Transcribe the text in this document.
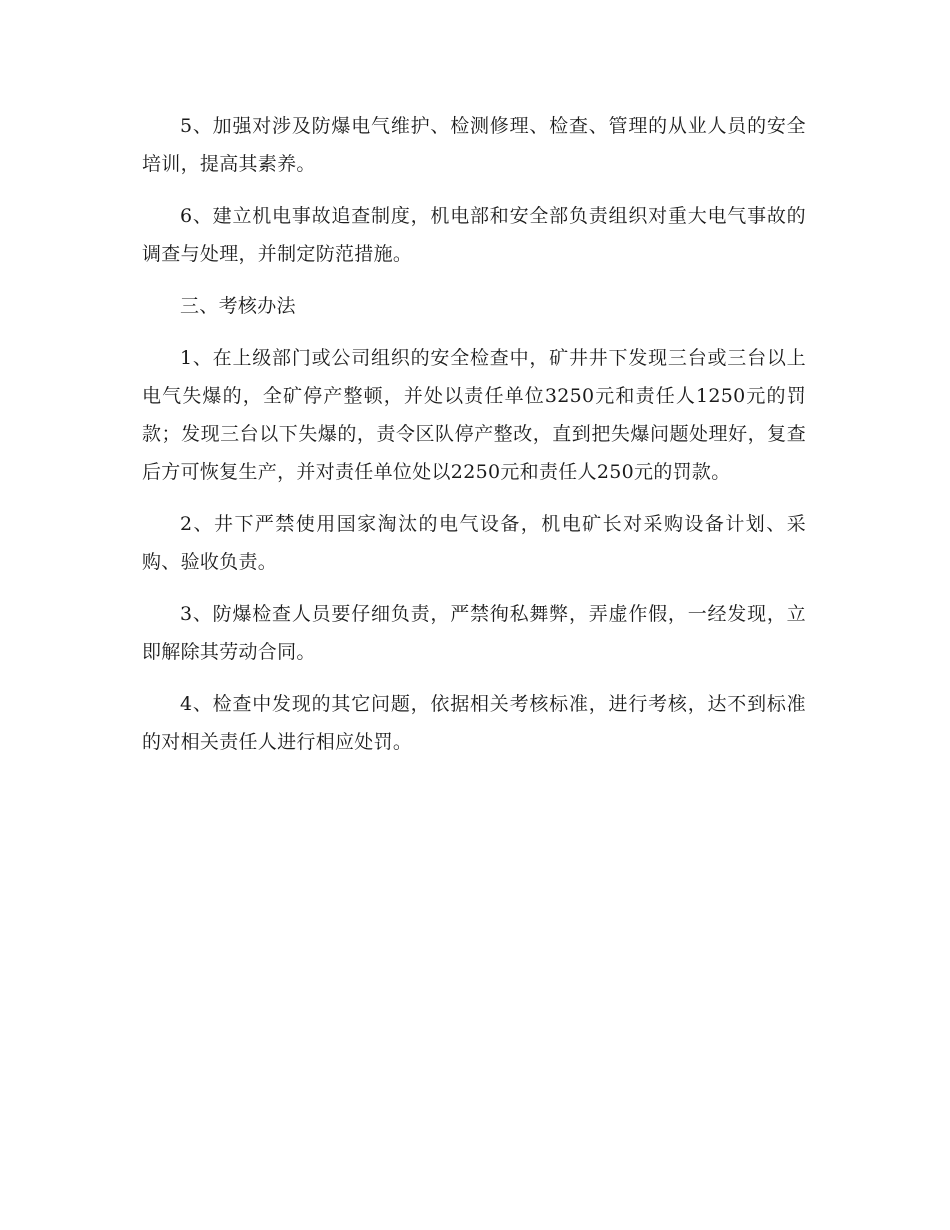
5、加强对涉及防爆电气维护、检测修理、检查、管理的从业人员的安全培训，提高其素养。

6、建立机电事故追查制度，机电部和安全部负责组织对重大电气事故的调查与处理，并制定防范措施。

三、考核办法

1、在上级部门或公司组织的安全检查中，矿井井下发现三台或三台以上电气失爆的，全矿停产整顿，并处以责任单位3250元和责任人1250元的罚款；发现三台以下失爆的，责令区队停产整改，直到把失爆问题处理好，复查后方可恢复生产，并对责任单位处以2250元和责任人250元的罚款。

2、井下严禁使用国家淘汰的电气设备，机电矿长对采购设备计划、采购、验收负责。

3、防爆检查人员要仔细负责，严禁徇私舞弊，弄虚作假，一经发现，立即解除其劳动合同。

4、检查中发现的其它问题，依据相关考核标准，进行考核，达不到标准的对相关责任人进行相应处罚。
